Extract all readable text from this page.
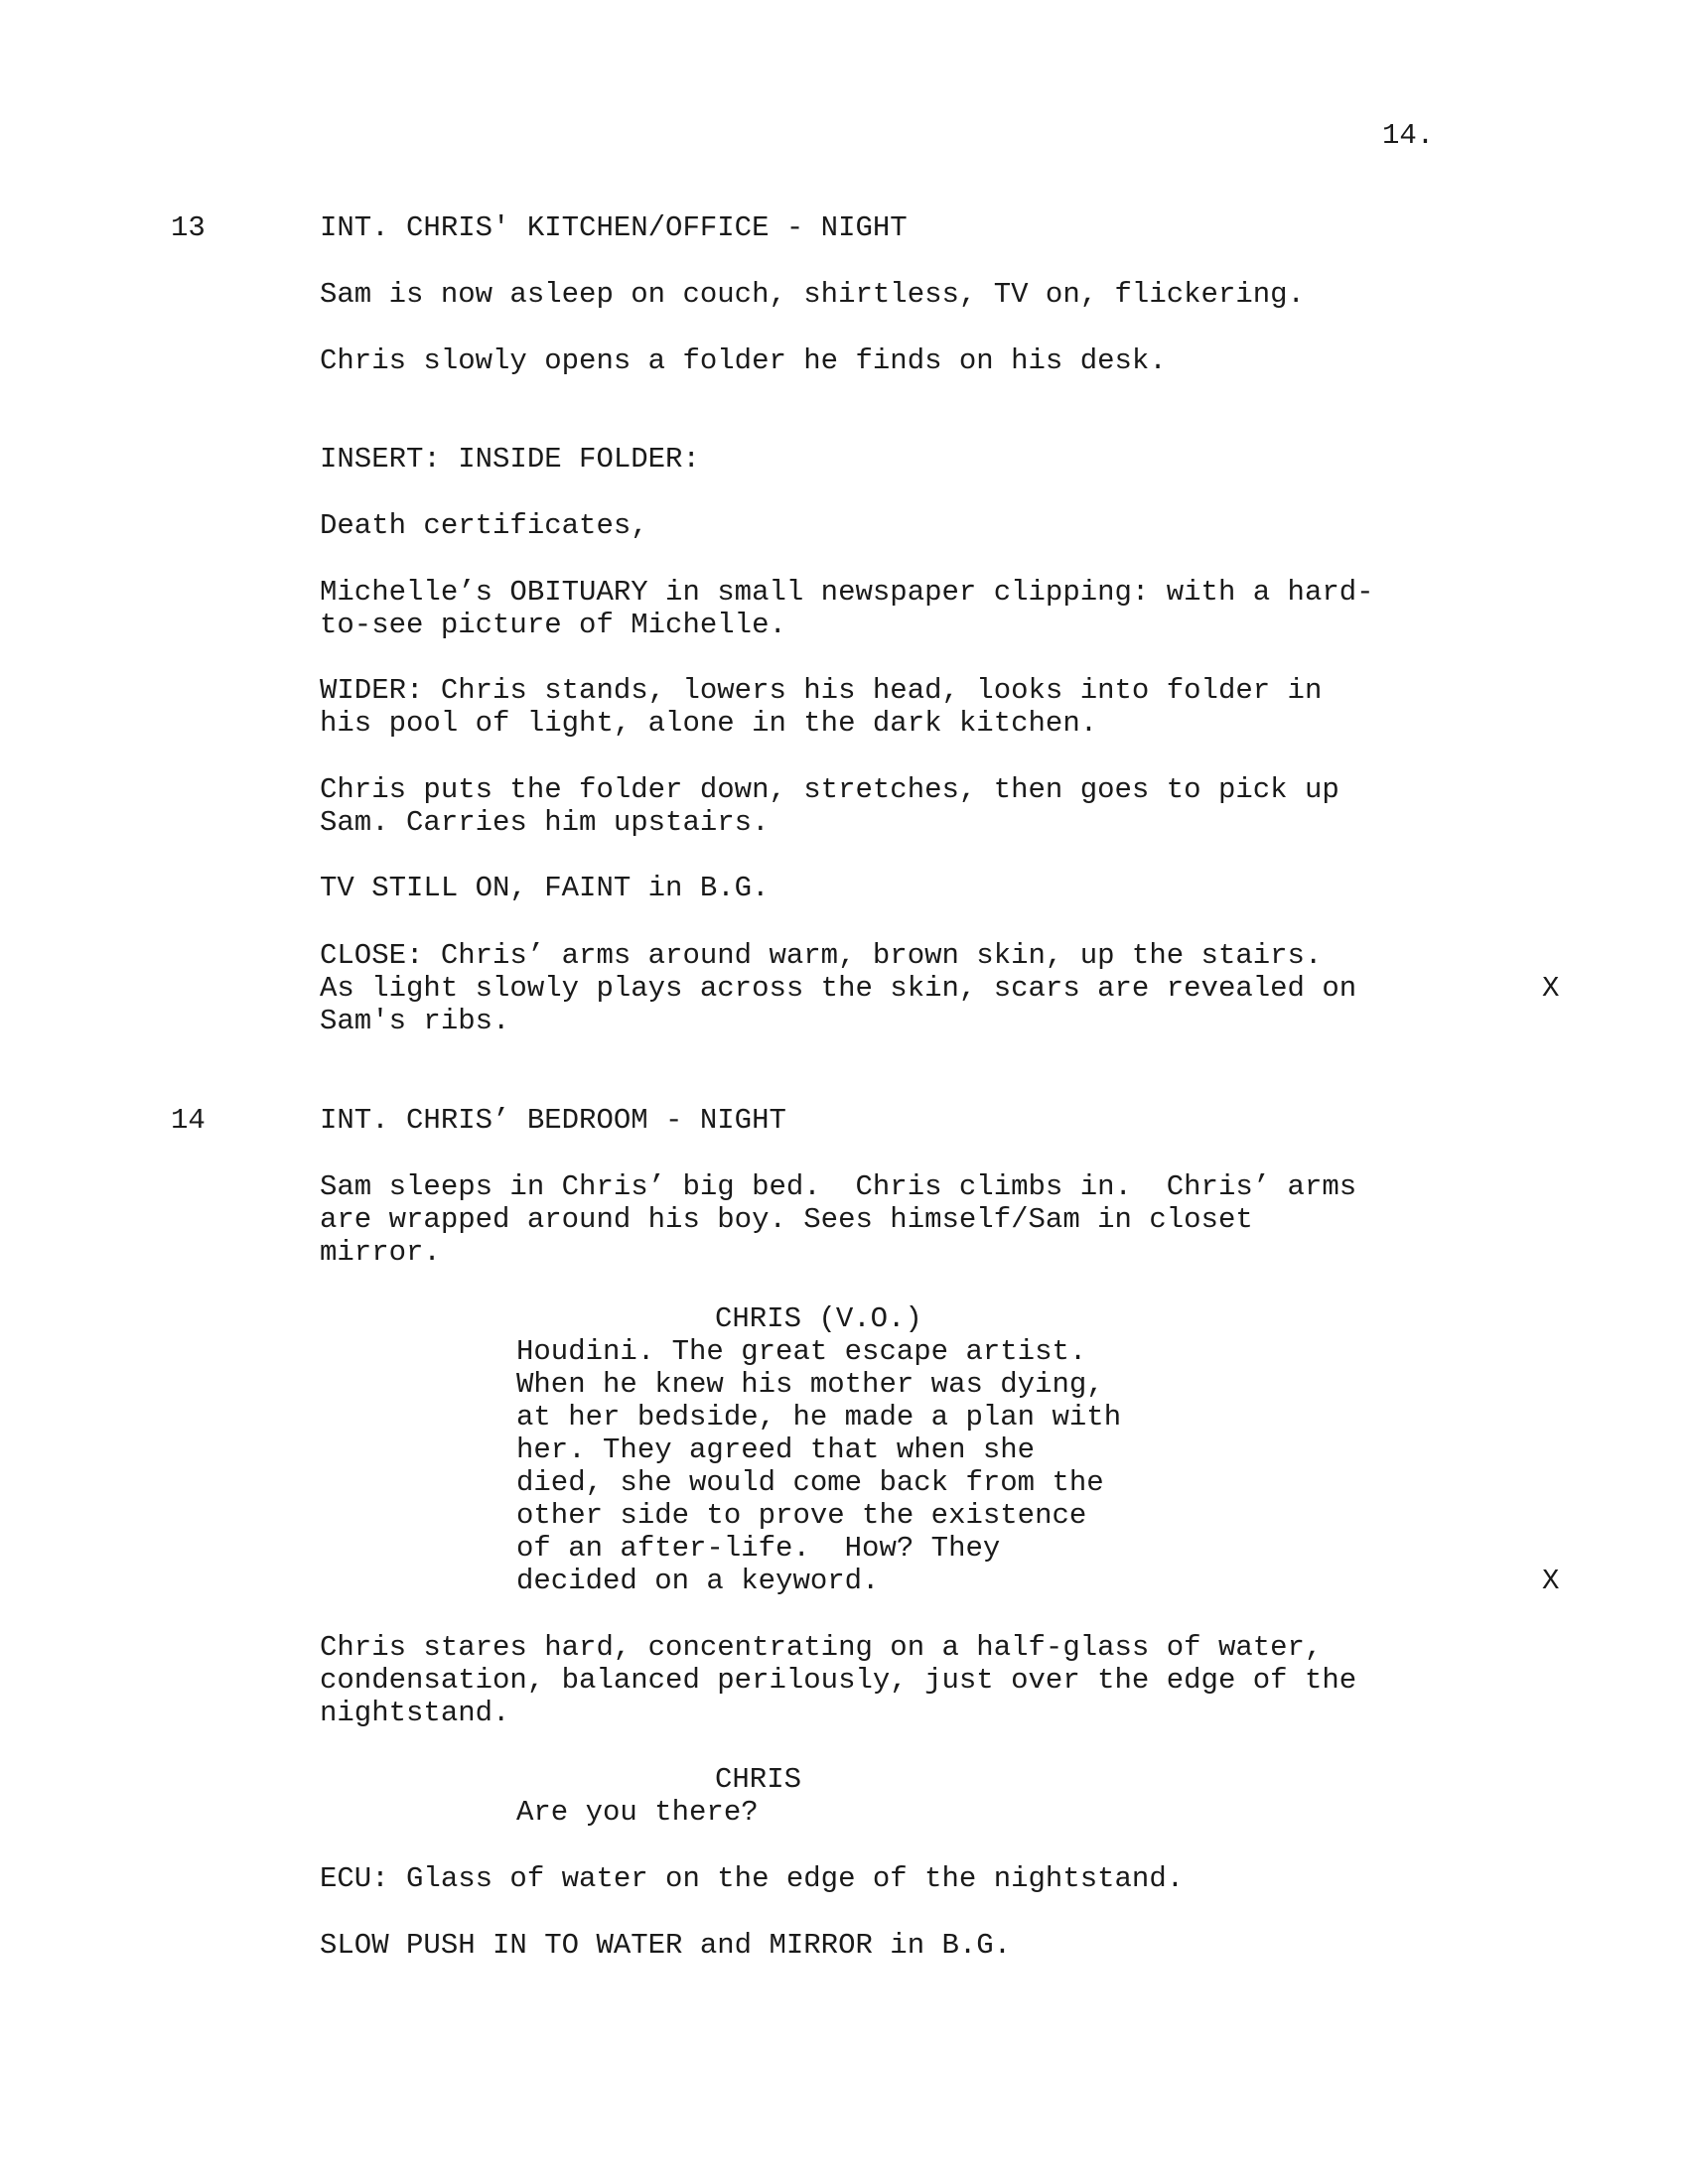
14.
13	INT. CHRIS' KITCHEN/OFFICE - NIGHT
Sam is now asleep on couch, shirtless, TV on, flickering.
Chris slowly opens a folder he finds on his desk.
INSERT: INSIDE FOLDER:
Death certificates,
Michelle’s OBITUARY in small newspaper clipping: with a hard-
to-see picture of Michelle.
WIDER: Chris stands, lowers his head, looks into folder in
his pool of light, alone in the dark kitchen.
Chris puts the folder down, stretches, then goes to pick up
Sam. Carries him upstairs.
TV STILL ON, FAINT in B.G.
CLOSE: Chris’ arms around warm, brown skin, up the stairs.
As light slowly plays across the skin, scars are revealed on	X
Sam's ribs.
14	INT. CHRIS’ BEDROOM - NIGHT
Sam sleeps in Chris’ big bed.  Chris climbs in.  Chris’ arms
are wrapped around his boy. Sees himself/Sam in closet
mirror.
CHRIS (V.O.)
Houdini. The great escape artist.
When he knew his mother was dying,
at her bedside, he made a plan with
her. They agreed that when she
died, she would come back from the
other side to prove the existence
of an after-life.  How? They
decided on a keyword.	X
Chris stares hard, concentrating on a half-glass of water,
condensation, balanced perilously, just over the edge of the
nightstand.
CHRIS
Are you there?
ECU: Glass of water on the edge of the nightstand.
SLOW PUSH IN TO WATER and MIRROR in B.G.
